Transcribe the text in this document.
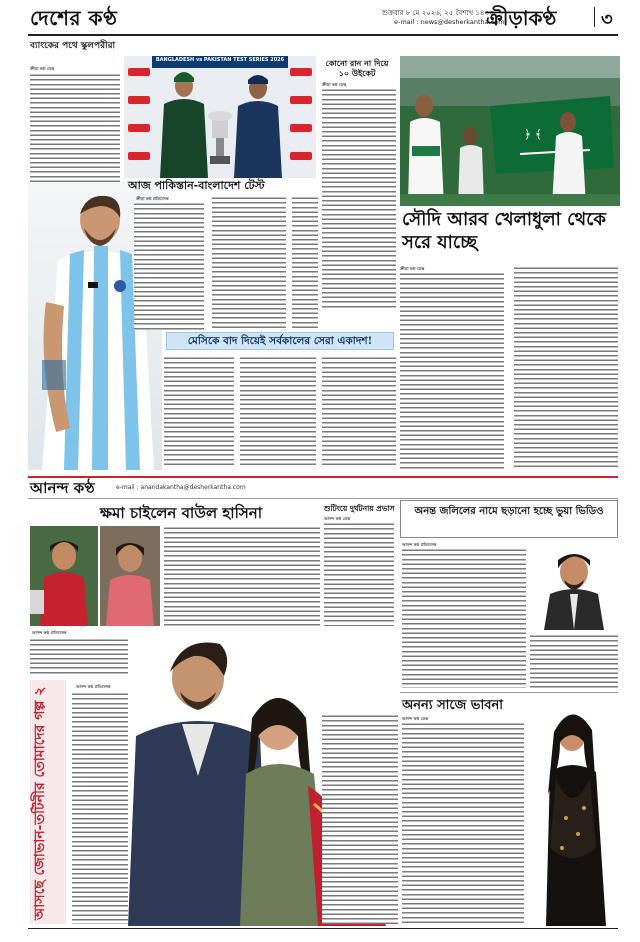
দেশের কণ্ঠ	শুক্রবার ৮ মে ২০২৬, ২৫ বৈশাখ ১৪৩৩
e-mail : news@desherkantha.com
ক্রীড়াকণ্ঠ ৩
ব্যাংকের পথে স্কুলপরীরা
ক্রীড়া কণ্ঠ ডেস্ক
BANGLADESH vs PAKISTAN TEST SERIES 2026
আজ পাকিস্তান-বাংলাদেশ টেস্ট
ক্রীড়া কণ্ঠ প্রতিবেদক
কোনো রান না দিয়ে ১০ উইকেট
ক্রীড়া কণ্ঠ ডেস্ক
﴿ ﴾
সৌদি আরব খেলাধুলা থেকে সরে যাচ্ছে
ক্রীড়া কণ্ঠ ডেস্ক
মেসিকে বাদ দিয়েই সর্বকালের সেরা একাদশ!
আনন্দ কণ্ঠ	e-mail : anandakantha@desherkantha.com
ক্ষমা চাইলেন বাউল হাসিনা
আনন্দ কণ্ঠ প্রতিবেদক
শুটিংয়ে দুর্ঘটনায় প্রভাস
আনন্দ কণ্ঠ ডেস্ক
অনন্ত জলিলের নামে ছড়ানো হচ্ছে ভুয়া ভিডিও
আনন্দ কণ্ঠ প্রতিবেদক
আসছে জোভান-তটিনীর তোমাদের গল্প ২
আনন্দ কণ্ঠ প্রতিবেদক
অনন্য সাজে ভাবনা
আনন্দ কণ্ঠ ডেস্ক
